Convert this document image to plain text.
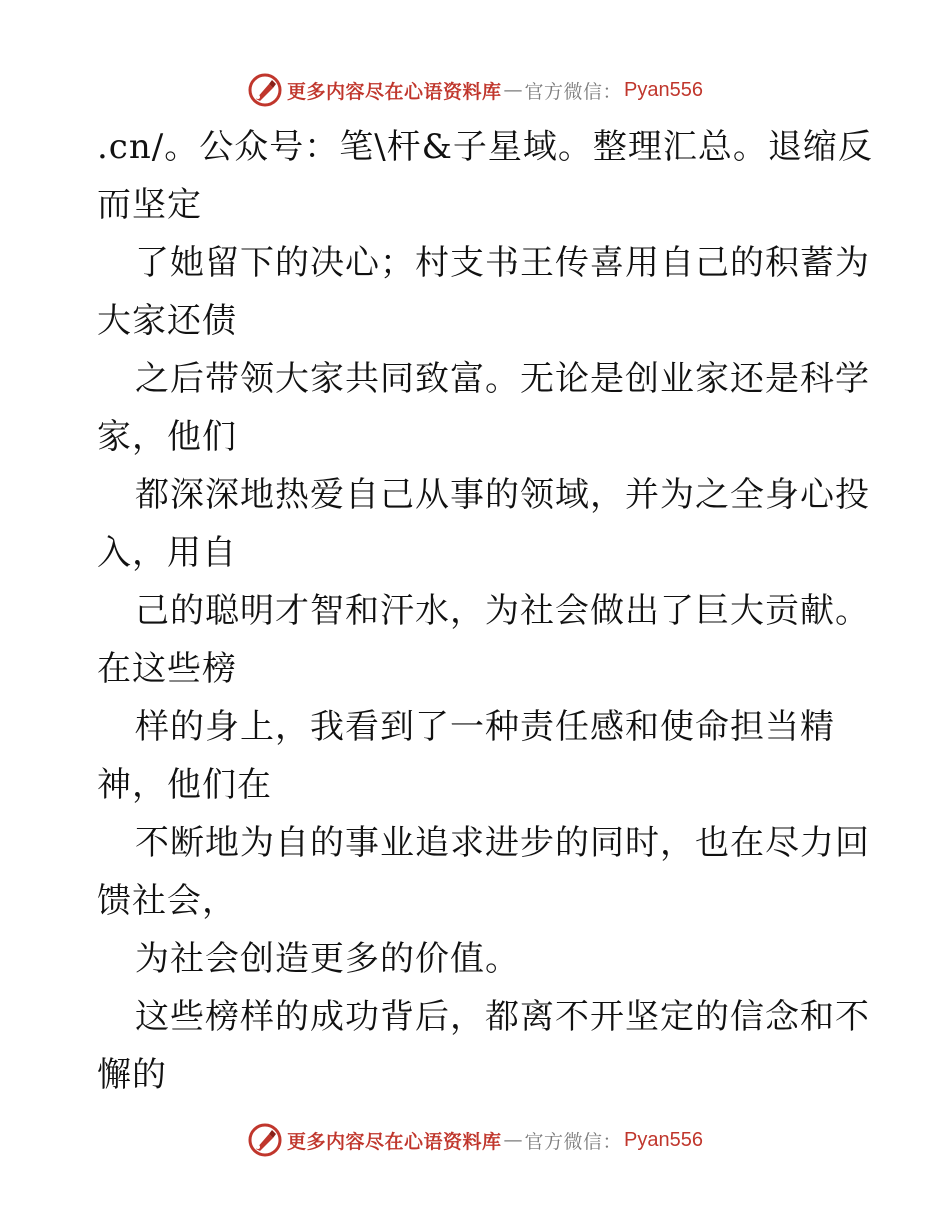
更多内容尽在心语资料库 — 官方微信： Pyan556
.cn/。公众号：笔\杆&子星域。整理汇总。退缩反
而坚定
了她留下的决心；村支书王传喜用自己的积蓄为
大家还债
之后带领大家共同致富。无论是创业家还是科学
家，他们
都深深地热爱自己从事的领域，并为之全身心投
入，用自
己的聪明才智和汗水，为社会做出了巨大贡献。
在这些榜
样的身上，我看到了一种责任感和使命担当精
神，他们在
不断地为自的事业追求进步的同时，也在尽力回
馈社会，
为社会创造更多的价值。
这些榜样的成功背后，都离不开坚定的信念和不
懈的
更多内容尽在心语资料库 — 官方微信： Pyan556
